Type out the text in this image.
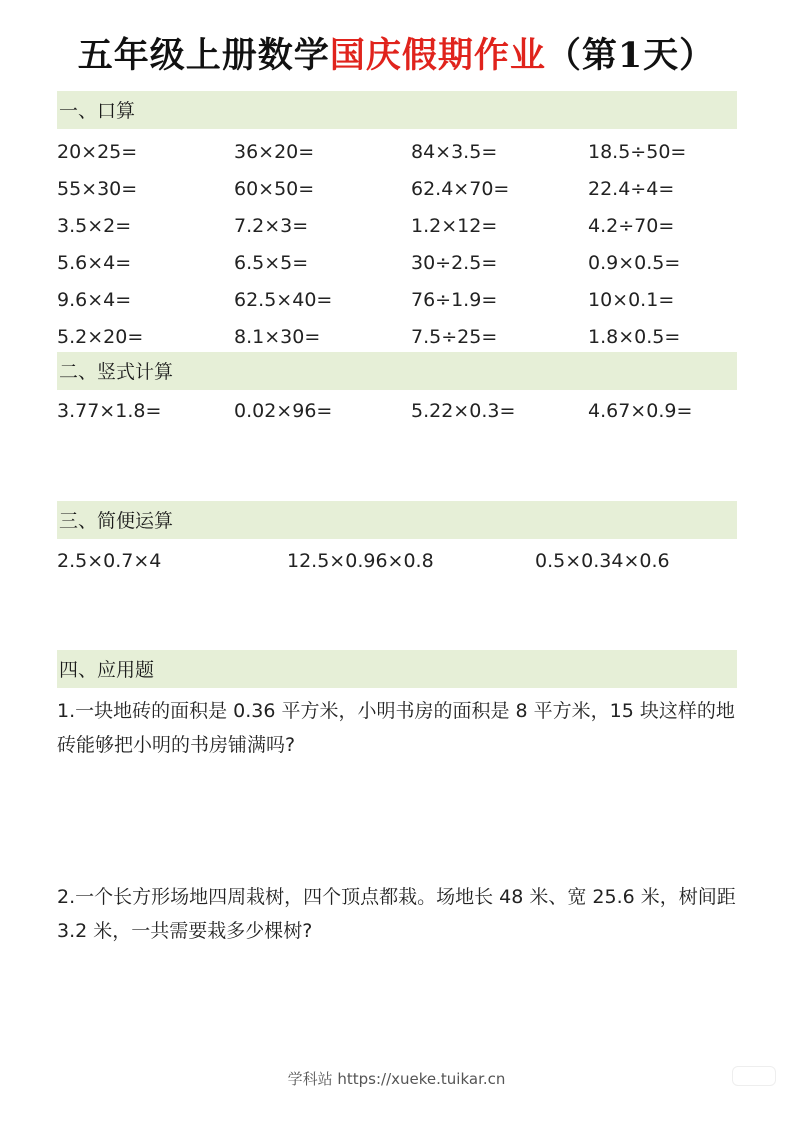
五年级上册数学国庆假期作业（第1天）
一、口算
20×25=	36×20=	84×3.5=	18.5÷50=
55×30=	60×50=	62.4×70=	22.4÷4=
3.5×2=	7.2×3=	1.2×12=	4.2÷70=
5.6×4=	6.5×5=	30÷2.5=	0.9×0.5=
9.6×4=	62.5×40=	76÷1.9=	10×0.1=
5.2×20=	8.1×30=	7.5÷25=	1.8×0.5=
二、竖式计算
3.77×1.8=	0.02×96=	5.22×0.3=	4.67×0.9=
三、简便运算
2.5×0.7×4	12.5×0.96×0.8	0.5×0.34×0.6
四、应用题
1.一块地砖的面积是 0.36 平方米，小明书房的面积是 8 平方米，15 块这样的地砖能够把小明的书房铺满吗?
2.一个长方形场地四周栽树，四个顶点都栽。场地长 48 米、宽 25.6 米，树间距 3.2 米，一共需要栽多少棵树?
学科站 https://xueke.tuikar.cn
